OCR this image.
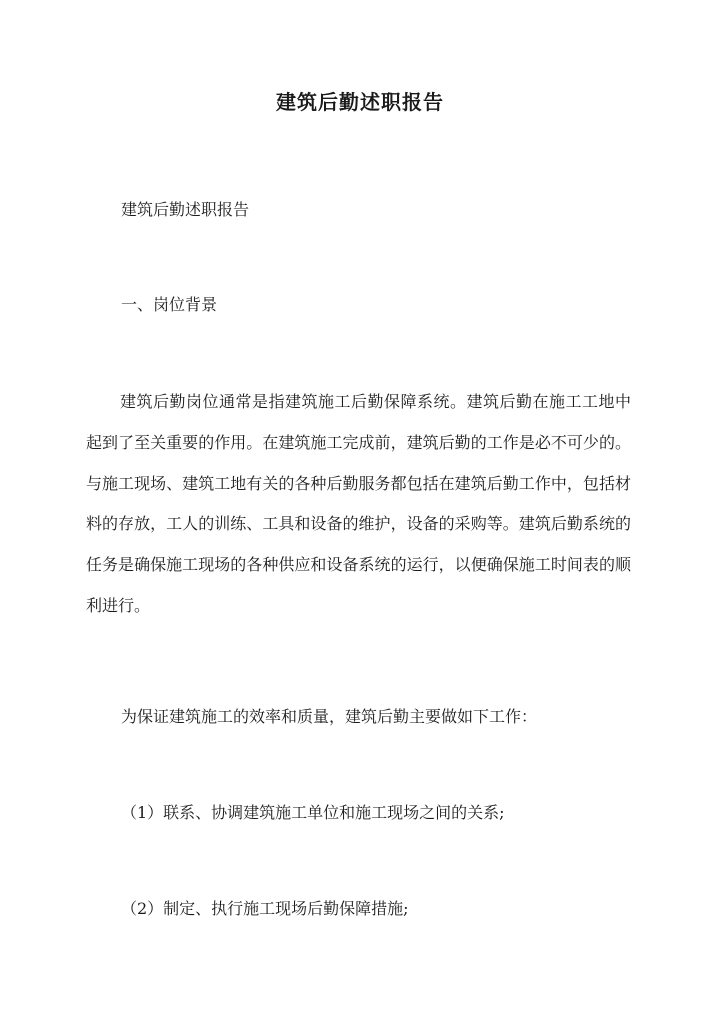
建筑后勤述职报告
建筑后勤述职报告
一、岗位背景

建筑后勤岗位通常是指建筑施工后勤保障系统。建筑后勤在施工工地中起到了至关重要的作用。在建筑施工完成前，建筑后勤的工作是必不可少的。与施工现场、建筑工地有关的各种后勤服务都包括在建筑后勤工作中，包括材料的存放，工人的训练、工具和设备的维护，设备的采购等。建筑后勤系统的任务是确保施工现场的各种供应和设备系统的运行，以便确保施工时间表的顺利进行。

为保证建筑施工的效率和质量，建筑后勤主要做如下工作：
（1）联系、协调建筑施工单位和施工现场之间的关系;
（2）制定、执行施工现场后勤保障措施;
